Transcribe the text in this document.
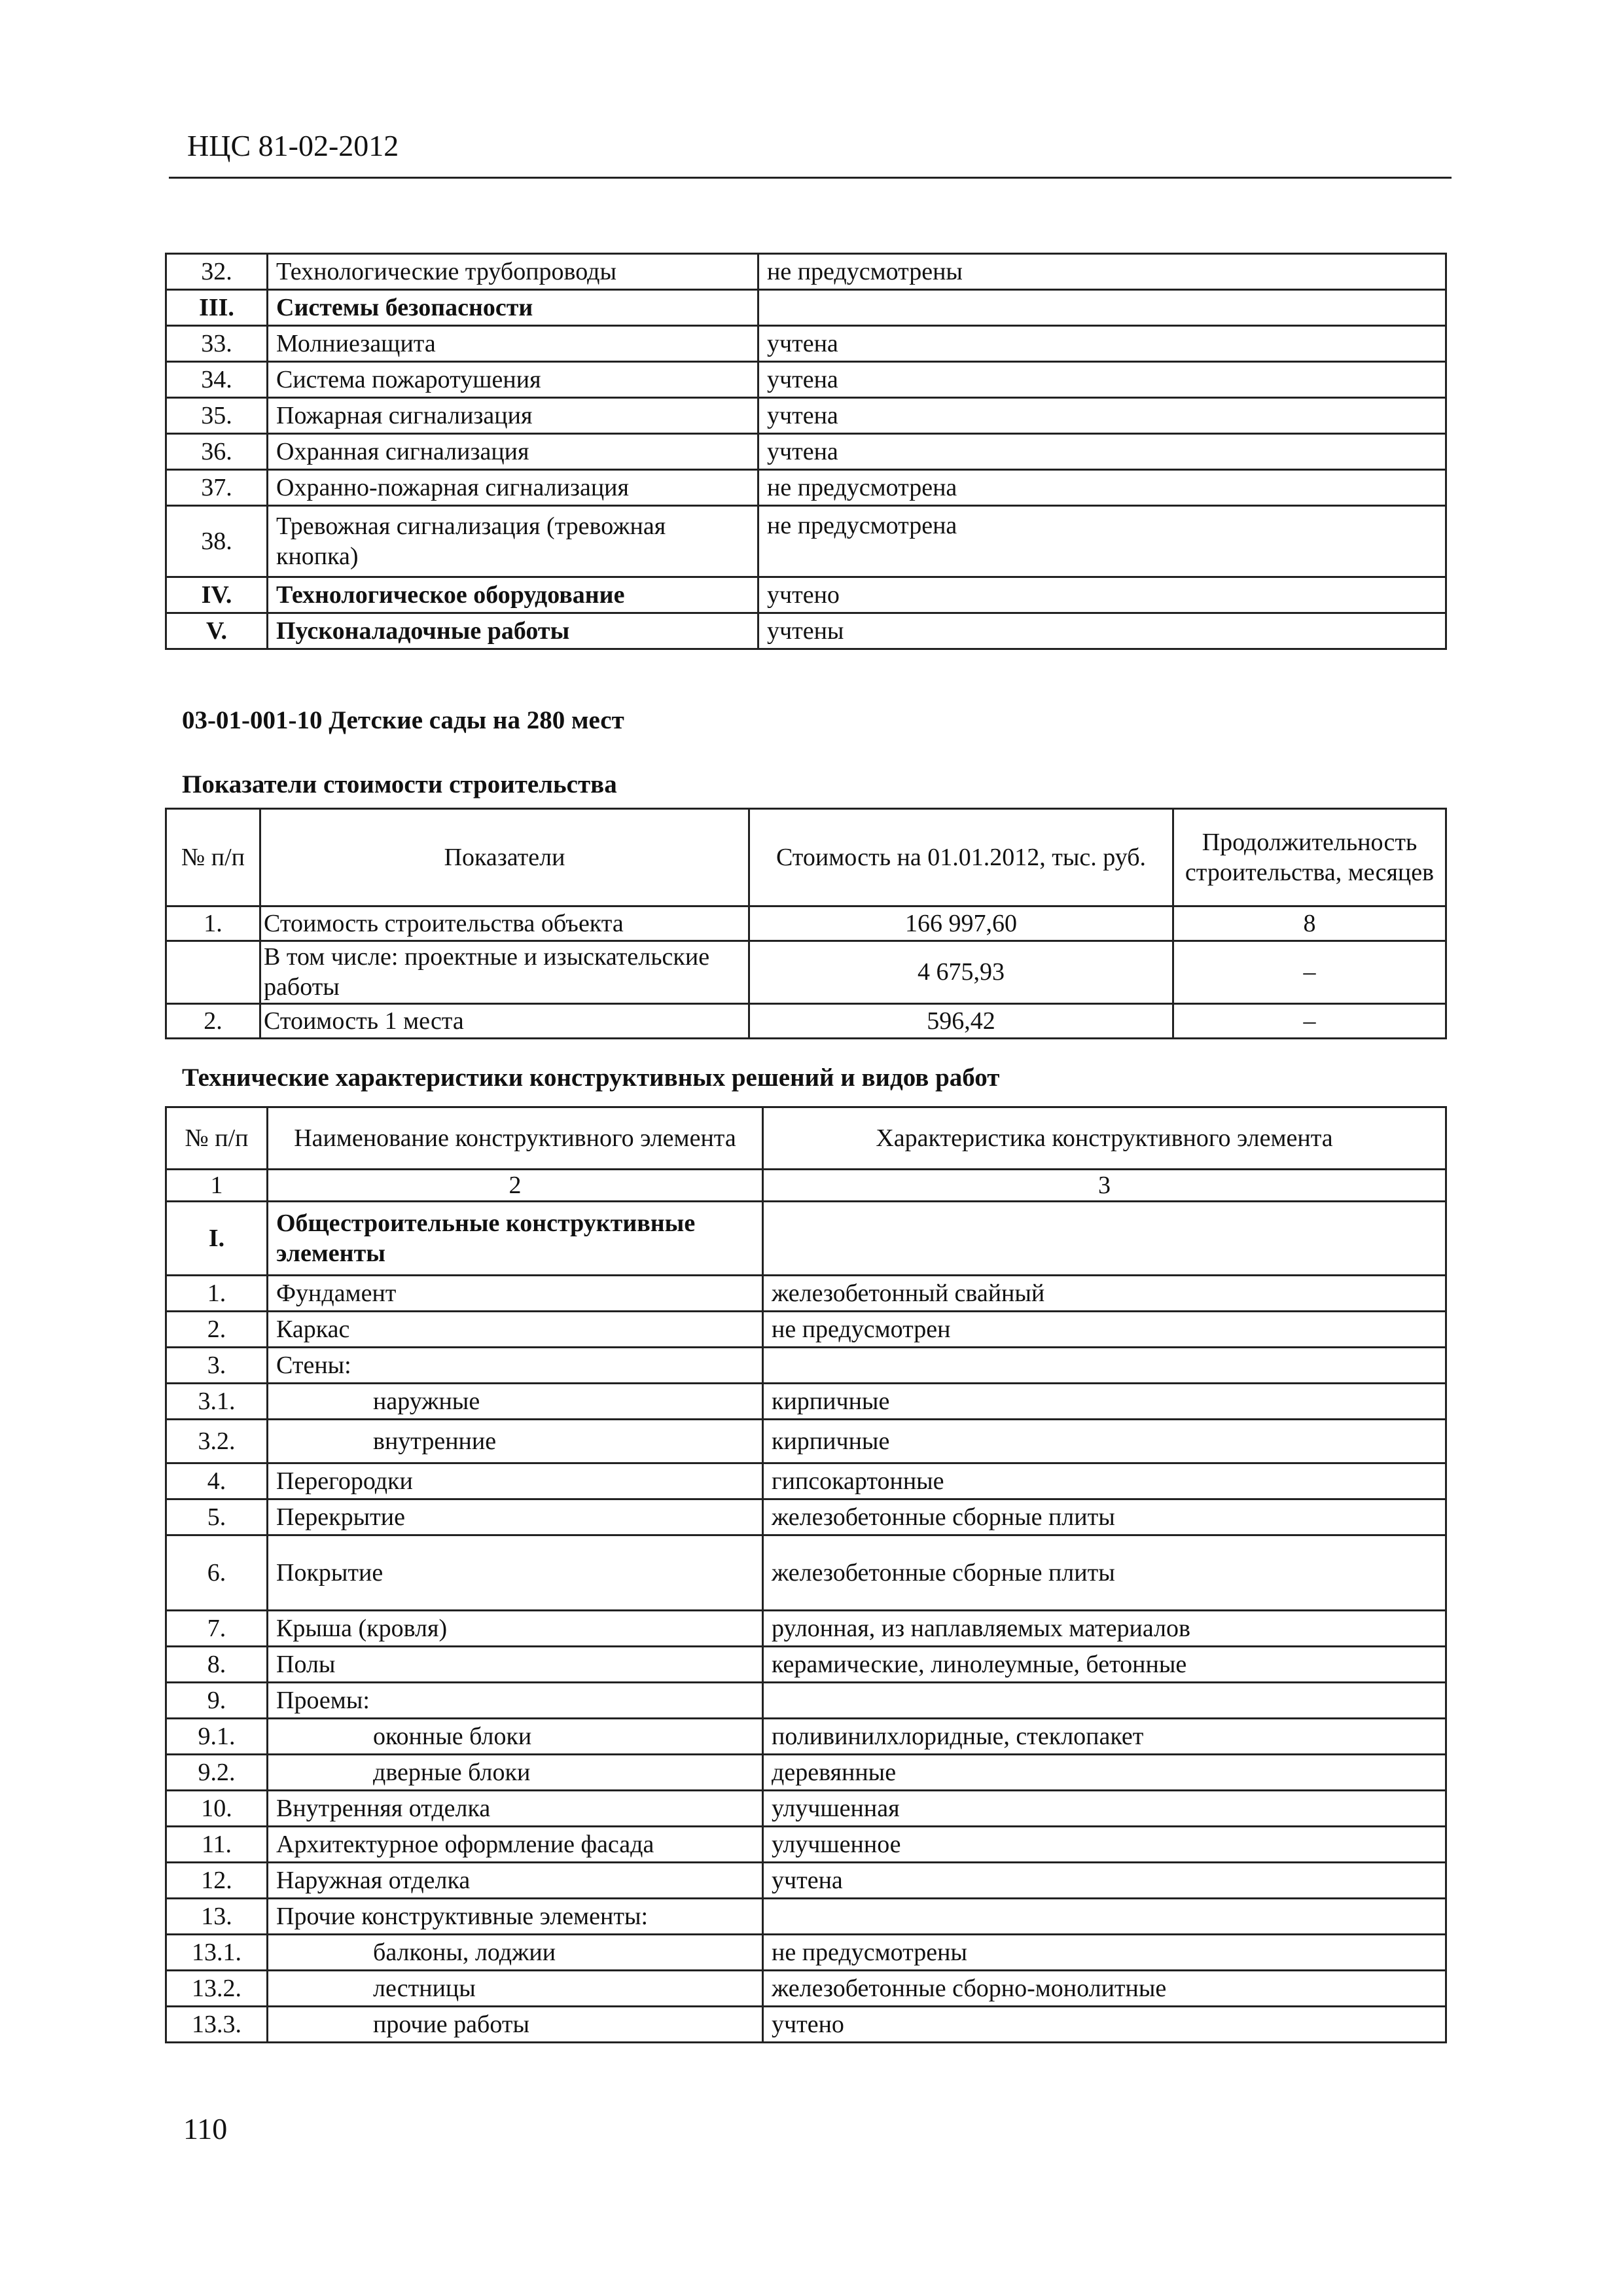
НЦС 81-02-2012
32.	Технологические трубопроводы	не предусмотрены
III.	Системы безопасности	
33.	Молниезащита	учтена
34.	Система пожаротушения	учтена
35.	Пожарная сигнализация	учтена
36.	Охранная сигнализация	учтена
37.	Охранно-пожарная сигнализация	не предусмотрена
38.	Тревожная сигнализация (тревожная кнопка)	не предусмотрена
IV.	Технологическое оборудование	учтено
V.	Пусконаладочные работы	учтены
03-01-001-10 Детские сады на 280 мест
Показатели стоимости строительства
№ п/п	Показатели	Стоимость на 01.01.2012, тыс. руб.	Продолжительность строительства, месяцев
1.	Стоимость строительства объекта	166 997,60	8
	В том числе: проектные и изыскательские работы	4 675,93	–
2.	Стоимость 1 места	596,42	–
Технические характеристики конструктивных решений и видов работ
№ п/п	Наименование конструктивного элемента	Характеристика конструктивного элемента
1	2	3
I.	Общестроительные конструктивные элементы	
1.	Фундамент	железобетонный свайный
2.	Каркас	не предусмотрен
3.	Стены:	
3.1.	наружные	кирпичные
3.2.	внутренние	кирпичные
4.	Перегородки	гипсокартонные
5.	Перекрытие	железобетонные сборные плиты
6.	Покрытие	железобетонные сборные плиты
7.	Крыша (кровля)	рулонная, из наплавляемых материалов
8.	Полы	керамические, линолеумные, бетонные
9.	Проемы:	
9.1.	оконные блоки	поливинилхлоридные, стеклопакет
9.2.	дверные блоки	деревянные
10.	Внутренняя отделка	улучшенная
11.	Архитектурное оформление фасада	улучшенное
12.	Наружная отделка	учтена
13.	Прочие конструктивные элементы:	
13.1.	балконы, лоджии	не предусмотрены
13.2.	лестницы	железобетонные сборно-монолитные
13.3.	прочие работы	учтено
110
